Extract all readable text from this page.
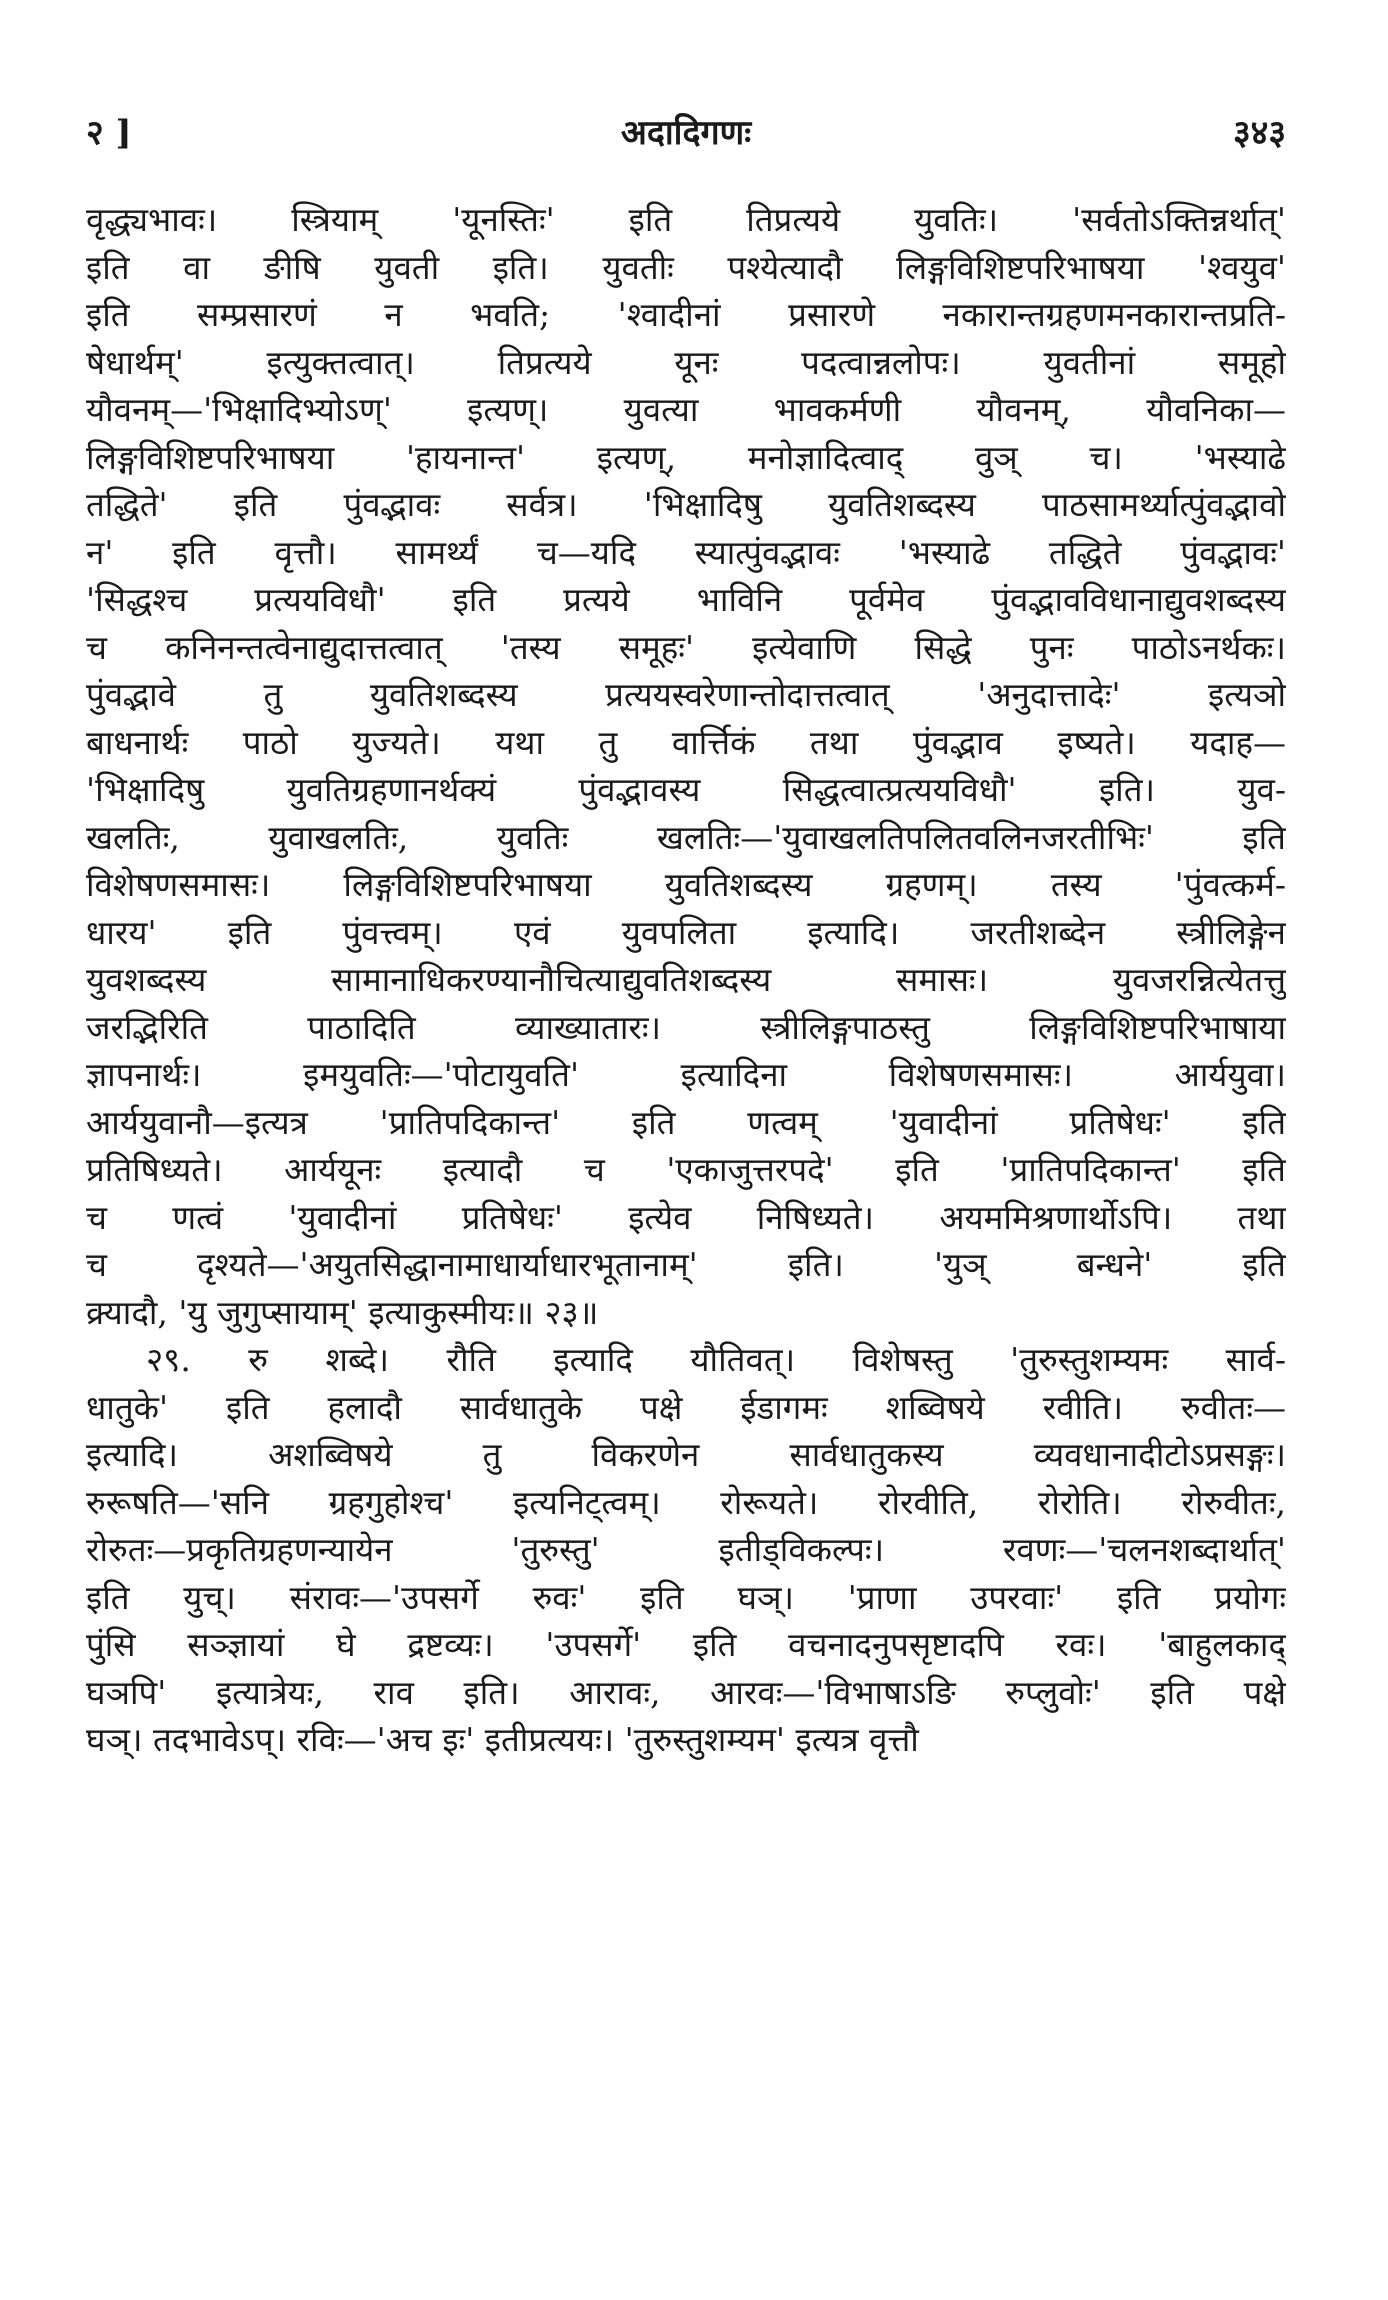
२ ]	अदादिगणः	३४३
वृद्ध्यभावः। स्त्रियाम् 'यूनस्तिः' इति तिप्रत्यये युवतिः। 'सर्वतोऽक्तिन्नर्थात्'
इति वा ङीषि युवती इति। युवतीः पश्येत्यादौ लिङ्गविशिष्टपरिभाषया 'श्वयुव'
इति सम्प्रसारणं न भवति; 'श्वादीनां प्रसारणे नकारान्तग्रहणमनकारान्तप्रति-
षेधार्थम्' इत्युक्तत्वात्। तिप्रत्यये यूनः पदत्वान्नलोपः। युवतीनां समूहो
यौवनम्—'भिक्षादिभ्योऽण्' इत्यण्। युवत्या भावकर्मणी यौवनम्, यौवनिका—
लिङ्गविशिष्टपरिभाषया 'हायनान्त' इत्यण्, मनोज्ञादित्वाद् वुञ् च। 'भस्याढे
तद्धिते' इति पुंवद्भावः सर्वत्र। 'भिक्षादिषु युवतिशब्दस्य पाठसामर्थ्यात्पुंवद्भावो
न' इति वृत्तौ। सामर्थ्यं च—यदि स्यात्पुंवद्भावः 'भस्याढे तद्धिते पुंवद्भावः'
'सिद्धश्च प्रत्ययविधौ' इति प्रत्यये भाविनि पूर्वमेव पुंवद्भावविधानाद्युवशब्दस्य
च कनिनन्तत्वेनाद्युदात्तत्वात् 'तस्य समूहः' इत्येवाणि सिद्धे पुनः पाठोऽनर्थकः।
पुंवद्भावे तु युवतिशब्दस्य प्रत्ययस्वरेणान्तोदात्तत्वात् 'अनुदात्तादेः' इत्यञो
बाधनार्थः पाठो युज्यते। यथा तु वार्त्तिकं तथा पुंवद्भाव इष्यते। यदाह—
'भिक्षादिषु युवतिग्रहणानर्थक्यं पुंवद्भावस्य सिद्धत्वात्प्रत्ययविधौ' इति। युव-
खलतिः, युवाखलतिः, युवतिः खलतिः—'युवाखलतिपलितवलिनजरतीभिः' इति
विशेषणसमासः। लिङ्गविशिष्टपरिभाषया युवतिशब्दस्य ग्रहणम्। तस्य 'पुंवत्कर्म-
धारय' इति पुंवत्त्वम्। एवं युवपलिता इत्यादि। जरतीशब्देन स्त्रीलिङ्गेन
युवशब्दस्य सामानाधिकरण्यानौचित्याद्युवतिशब्दस्य समासः। युवजरन्नित्येतत्तु
जरद्भिरिति पाठादिति व्याख्यातारः। स्त्रीलिङ्गपाठस्तु लिङ्गविशिष्टपरिभाषाया
ज्ञापनार्थः। इमयुवतिः—'पोटायुवति' इत्यादिना विशेषणसमासः। आर्ययुवा।
आर्ययुवानौ—इत्यत्र 'प्रातिपदिकान्त' इति णत्वम् 'युवादीनां प्रतिषेधः' इति
प्रतिषिध्यते। आर्ययूनः इत्यादौ च 'एकाजुत्तरपदे' इति 'प्रातिपदिकान्त' इति
च णत्वं 'युवादीनां प्रतिषेधः' इत्येव निषिध्यते। अयममिश्रणार्थोऽपि। तथा
च दृश्यते—'अयुतसिद्धानामाधार्याधारभूतानाम्' इति। 'युञ् बन्धने' इति
क्र्यादौ, 'यु जुगुप्सायाम्' इत्याकुस्मीयः॥ २३॥
२९. रु शब्दे। रौति इत्यादि यौतिवत्। विशेषस्तु 'तुरुस्तुशम्यमः सार्व-
धातुके' इति हलादौ सार्वधातुके पक्षे ईडागमः शब्विषये रवीति। रुवीतः—
इत्यादि। अशब्विषये तु विकरणेन सार्वधातुकस्य व्यवधानादीटोऽप्रसङ्गः।
रुरूषति—'सनि ग्रहगुहोश्च' इत्यनिट्त्वम्। रोरूयते। रोरवीति, रोरोति। रोरुवीतः,
रोरुतः—प्रकृतिग्रहणन्यायेन 'तुरुस्तु' इतीड्विकल्पः। रवणः—'चलनशब्दार्थात्'
इति युच्। संरावः—'उपसर्गे रुवः' इति घञ्। 'प्राणा उपरवाः' इति प्रयोगः
पुंसि सञ्ज्ञायां घे द्रष्टव्यः। 'उपसर्गे' इति वचनादनुपसृष्टादपि रवः। 'बाहुलकाद्
घञपि' इत्यात्रेयः, राव इति। आरावः, आरवः—'विभाषाऽङि रुप्लुवोः' इति पक्षे
घञ्। तदभावेऽप्। रविः—'अच इः' इतीप्रत्ययः। 'तुरुस्तुशम्यम' इत्यत्र वृत्तौ
